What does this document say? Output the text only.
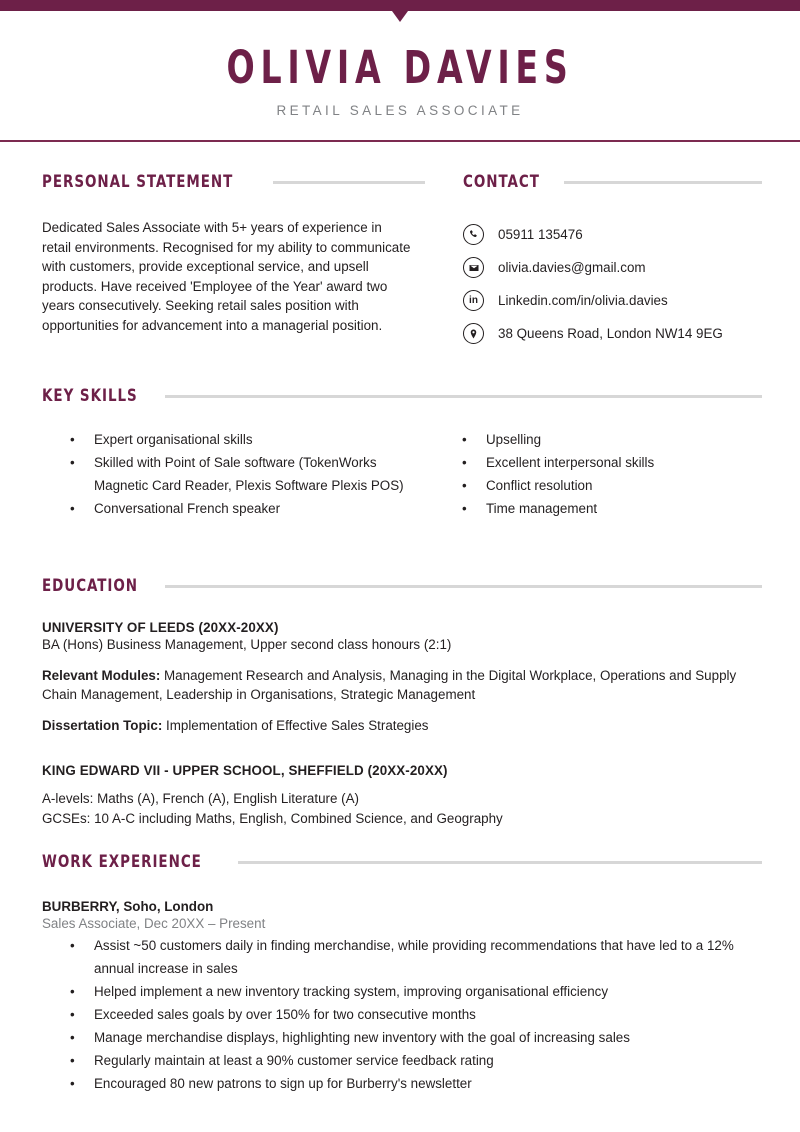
OLIVIA DAVIES
RETAIL SALES ASSOCIATE
PERSONAL STATEMENT

Dedicated Sales Associate with 5+ years of experience in retail environments. Recognised for my ability to communicate with customers, provide exceptional service, and upsell products. Have received 'Employee of the Year' award two years consecutively. Seeking retail sales position with opportunities for advancement into a managerial position.

CONTACT
05911 135476
olivia.davies@gmail.com
in Linkedin.com/in/olivia.davies
38 Queens Road, London NW14 9EG
KEY SKILLS
• Expert organisational skills
• Skilled with Point of Sale software (TokenWorks Magnetic Card Reader, Plexis Software Plexis POS)
• Conversational French speaker
• Upselling
• Excellent interpersonal skills
• Conflict resolution
• Time management
EDUCATION
UNIVERSITY OF LEEDS (20XX-20XX)
BA (Hons) Business Management, Upper second class honours (2:1)
Relevant Modules: Management Research and Analysis, Managing in the Digital Workplace, Operations and Supply Chain Management, Leadership in Organisations, Strategic Management
Dissertation Topic: Implementation of Effective Sales Strategies
KING EDWARD VII - UPPER SCHOOL, SHEFFIELD (20XX-20XX)
A-levels: Maths (A), French (A), English Literature (A)
GCSEs: 10 A-C including Maths, English, Combined Science, and Geography
WORK EXPERIENCE
BURBERRY, Soho, London
Sales Associate, Dec 20XX – Present
• Assist ~50 customers daily in finding merchandise, while providing recommendations that have led to a 12% annual increase in sales
• Helped implement a new inventory tracking system, improving organisational efficiency
• Exceeded sales goals by over 150% for two consecutive months
• Manage merchandise displays, highlighting new inventory with the goal of increasing sales
• Regularly maintain at least a 90% customer service feedback rating
• Encouraged 80 new patrons to sign up for Burberry's newsletter
